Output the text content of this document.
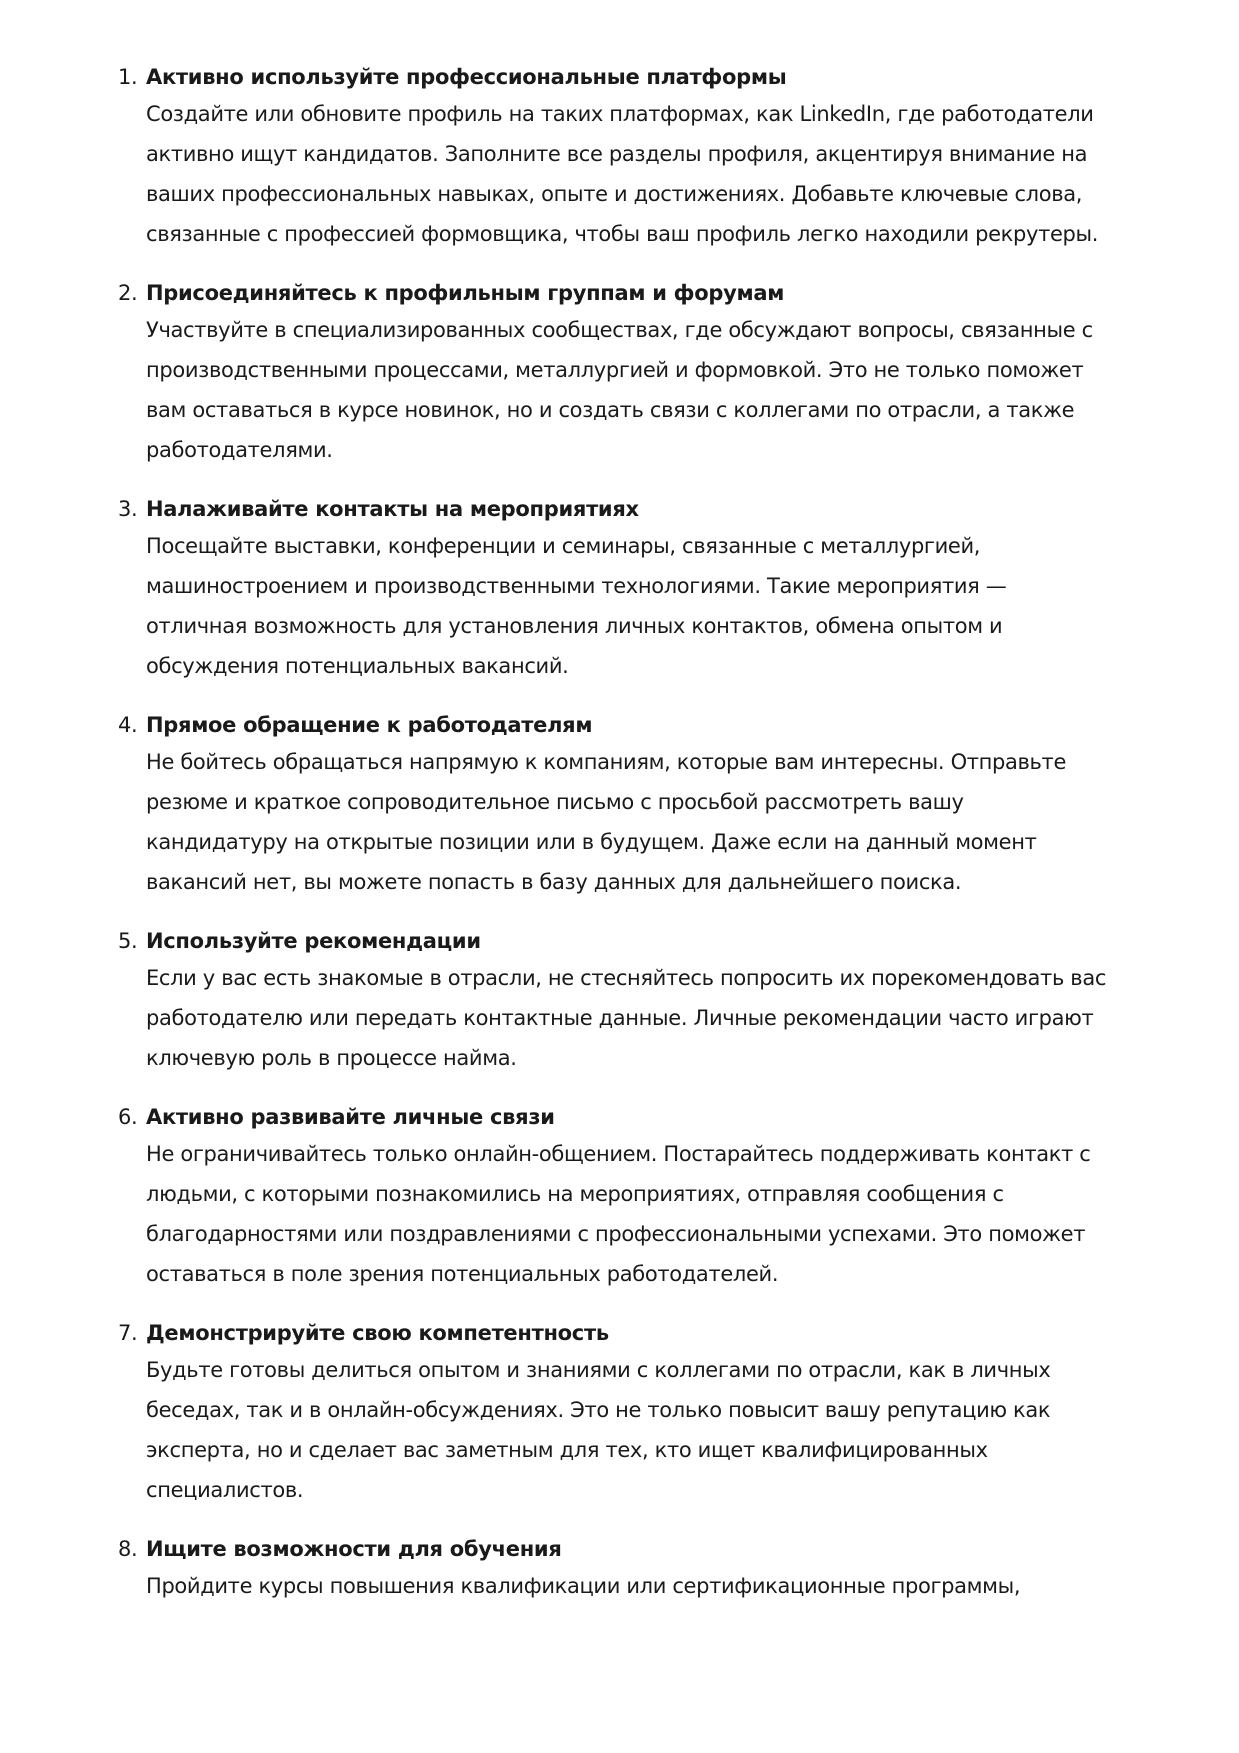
1. Активно используйте профессиональные платформы

Создайте или обновите профиль на таких платформах, как LinkedIn, где работодатели
активно ищут кандидатов. Заполните все разделы профиля, акцентируя внимание на
ваших профессиональных навыках, опыте и достижениях. Добавьте ключевые слова,
связанные с профессией формовщика, чтобы ваш профиль легко находили рекрутеры.

2. Присоединяйтесь к профильным группам и форумам

Участвуйте в специализированных сообществах, где обсуждают вопросы, связанные с
производственными процессами, металлургией и формовкой. Это не только поможет
вам оставаться в курсе новинок, но и создать связи с коллегами по отрасли, а также
работодателями.

3. Налаживайте контакты на мероприятиях

Посещайте выставки, конференции и семинары, связанные с металлургией,
машиностроением и производственными технологиями. Такие мероприятия —
отличная возможность для установления личных контактов, обмена опытом и
обсуждения потенциальных вакансий.

4. Прямое обращение к работодателям

Не бойтесь обращаться напрямую к компаниям, которые вам интересны. Отправьте
резюме и краткое сопроводительное письмо с просьбой рассмотреть вашу
кандидатуру на открытые позиции или в будущем. Даже если на данный момент
вакансий нет, вы можете попасть в базу данных для дальнейшего поиска.

5. Используйте рекомендации

Если у вас есть знакомые в отрасли, не стесняйтесь попросить их порекомендовать вас
работодателю или передать контактные данные. Личные рекомендации часто играют
ключевую роль в процессе найма.

6. Активно развивайте личные связи

Не ограничивайтесь только онлайн-общением. Постарайтесь поддерживать контакт с
людьми, с которыми познакомились на мероприятиях, отправляя сообщения с
благодарностями или поздравлениями с профессиональными успехами. Это поможет
оставаться в поле зрения потенциальных работодателей.

7. Демонстрируйте свою компетентность

Будьте готовы делиться опытом и знаниями с коллегами по отрасли, как в личных
беседах, так и в онлайн-обсуждениях. Это не только повысит вашу репутацию как
эксперта, но и сделает вас заметным для тех, кто ищет квалифицированных
специалистов.

8. Ищите возможности для обучения

Пройдите курсы повышения квалификации или сертификационные программы,
